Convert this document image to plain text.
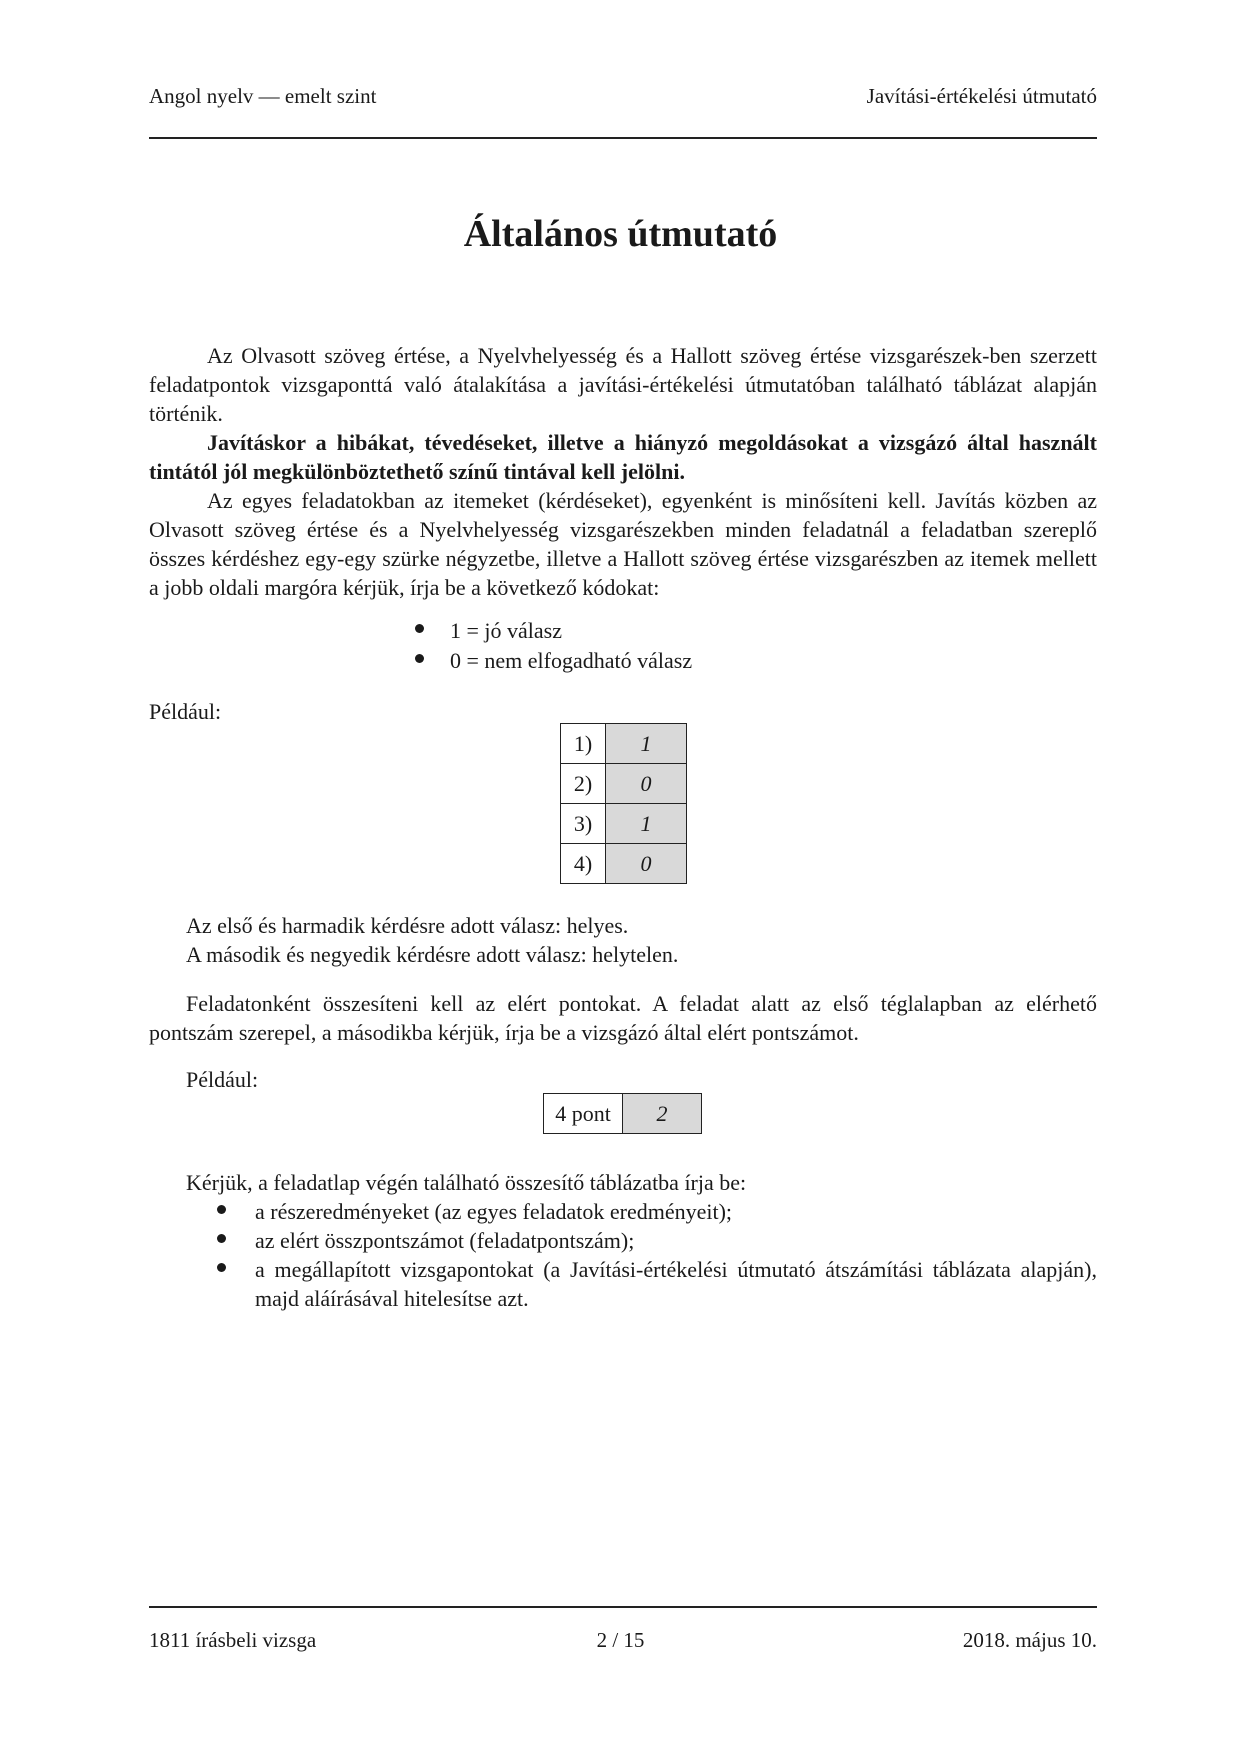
Angol nyelv — emelt szint	Javítási-értékelési útmutató
Általános útmutató
Az Olvasott szöveg értése, a Nyelvhelyesség és a Hallott szöveg értése vizsgarészek-ben szerzett feladatpontok vizsgaponttá való átalakítása a javítási-értékelési útmutatóban található táblázat alapján történik.
Javításkor a hibákat, tévedéseket, illetve a hiányzó megoldásokat a vizsgázó által használt tintától jól megkülönböztethető színű tintával kell jelölni.
Az egyes feladatokban az itemeket (kérdéseket), egyenként is minősíteni kell. Javítás közben az Olvasott szöveg értése és a Nyelvhelyesség vizsgarészekben minden feladatnál a feladatban szereplő összes kérdéshez egy-egy szürke négyzetbe, illetve a Hallott szöveg értése vizsgarészben az itemek mellett a jobb oldali margóra kérjük, írja be a következő kódokat:
1 = jó válasz
0 = nem elfogadható válasz
Például:
1)	1
2)	0
3)	1
4)	0
Az első és harmadik kérdésre adott válasz: helyes.
A második és negyedik kérdésre adott válasz: helytelen.
Feladatonként összesíteni kell az elért pontokat. A feladat alatt az első téglalapban az elérhető pontszám szerepel, a másodikba kérjük, írja be a vizsgázó által elért pontszámot.
Például:
4 pont	2
Kérjük, a feladatlap végén található összesítő táblázatba írja be:
a részeredményeket (az egyes feladatok eredményeit);
az elért összpontszámot (feladatpontszám);
a megállapított vizsgapontokat (a Javítási-értékelési útmutató átszámítási táblázata alapján), majd aláírásával hitelesítse azt.
1811 írásbeli vizsga	2 / 15	2018. május 10.
